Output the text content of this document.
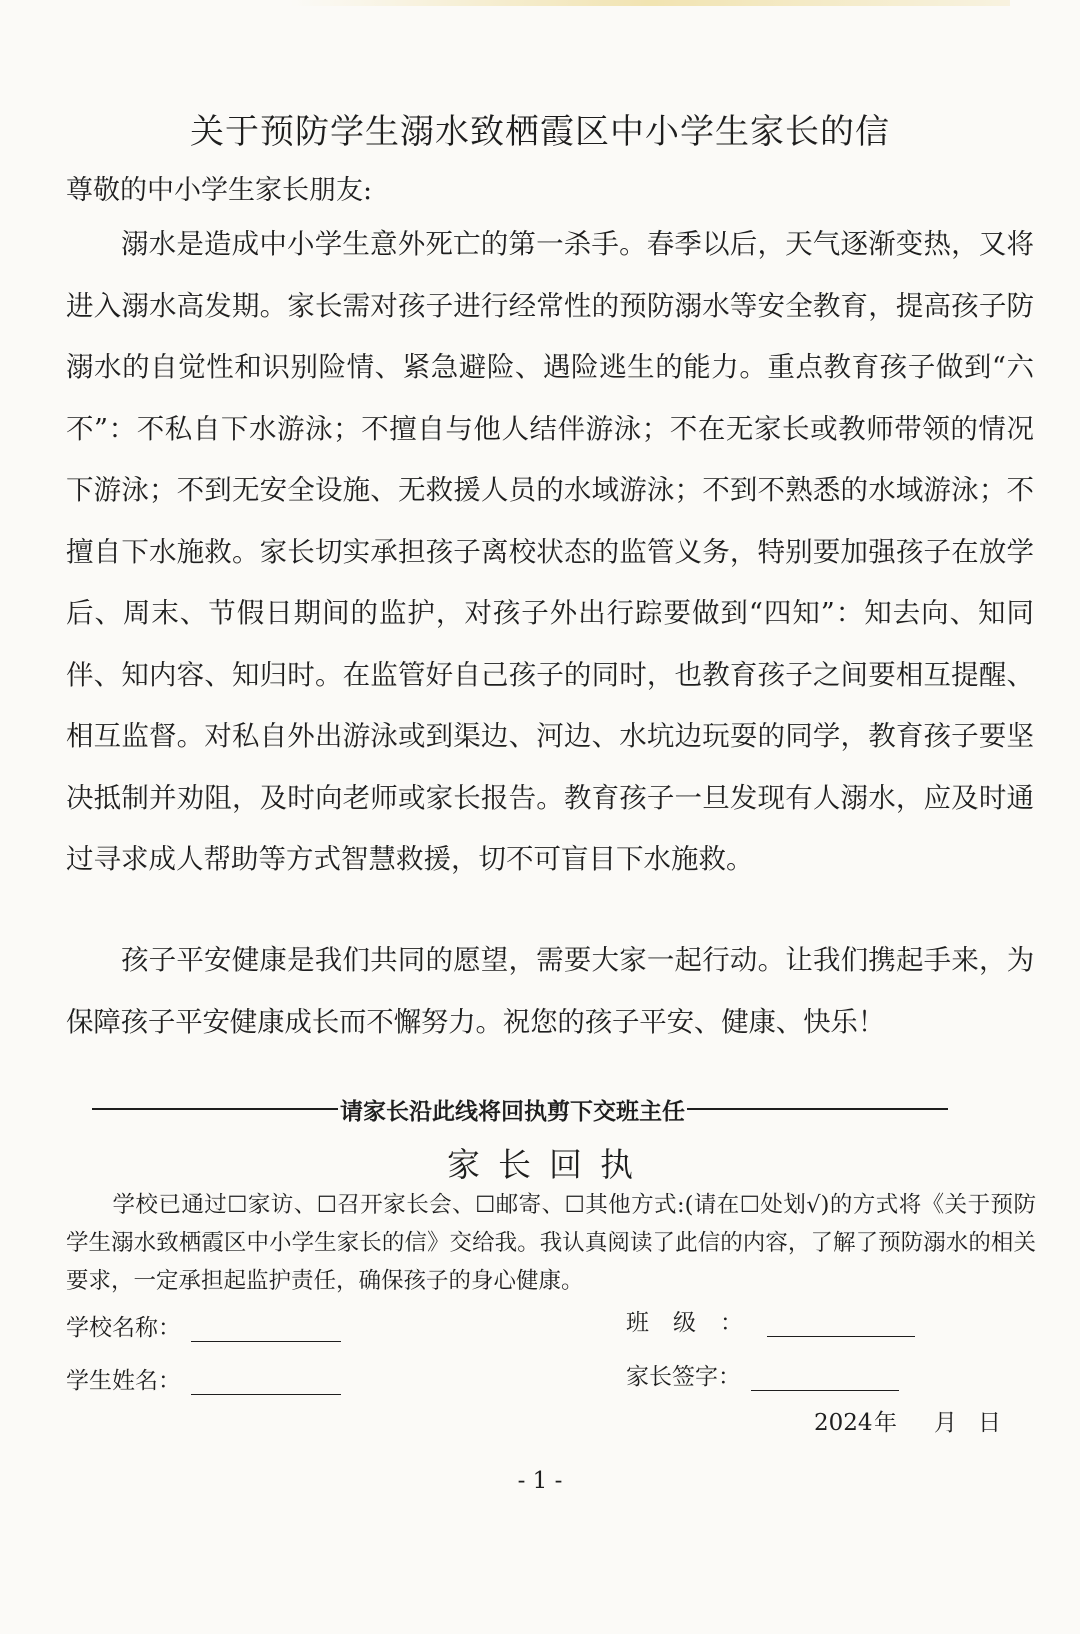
关于预防学生溺水致栖霞区中小学生家长的信
尊敬的中小学生家长朋友:

溺水是造成中小学生意外死亡的第一杀手。春季以后，天气逐渐变热，又将进入溺水高发期。家长需对孩子进行经常性的预防溺水等安全教育，提高孩子防溺水的自觉性和识别险情、紧急避险、遇险逃生的能力。重点教育孩子做到“六不”：不私自下水游泳；不擅自与他人结伴游泳；不在无家长或教师带领的情况下游泳；不到无安全设施、无救援人员的水域游泳；不到不熟悉的水域游泳；不擅自下水施救。家长切实承担孩子离校状态的监管义务，特别要加强孩子在放学后、周末、节假日期间的监护，对孩子外出行踪要做到“四知”：知去向、知同伴、知内容、知归时。在监管好自己孩子的同时，也教育孩子之间要相互提醒、相互监督。对私自外出游泳或到渠边、河边、水坑边玩耍的同学，教育孩子要坚决抵制并劝阻，及时向老师或家长报告。教育孩子一旦发现有人溺水，应及时通过寻求成人帮助等方式智慧救援，切不可盲目下水施救。

孩子平安健康是我们共同的愿望，需要大家一起行动。让我们携起手来，为保障孩子平安健康成长而不懈努力。祝您的孩子平安、健康、快乐！

请家长沿此线将回执剪下交班主任
家长回执

学校已通过☐家访、☐召开家长会、☐邮寄、☐其他方式:(请在☐处划√)的方式将《关于预防学生溺水致栖霞区中小学生家长的信》交给我。我认真阅读了此信的内容，了解了预防溺水的相关要求，一定承担起监护责任，确保孩子的身心健康。

学校名称：	班级：
学生姓名：	家长签字：
2024年 月 日
- 1 -
